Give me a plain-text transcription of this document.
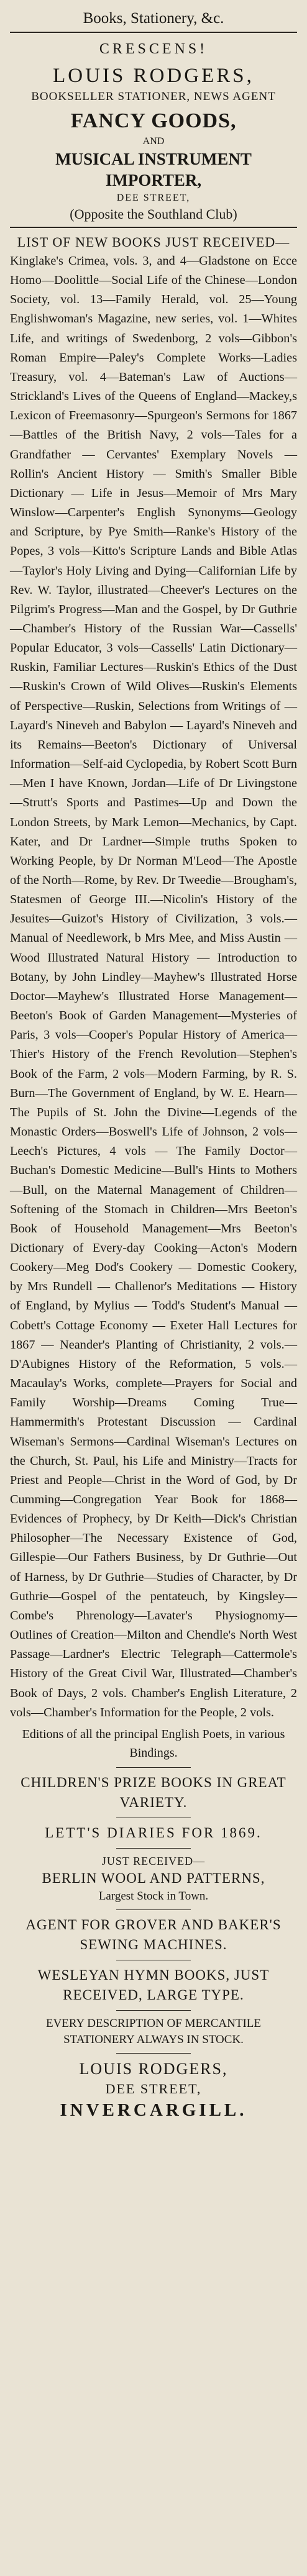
Books, Stationery, &c.
CRESCENS!
LOUIS RODGERS,
BOOKSELLER STATIONER, NEWS AGENT
FANCY GOODS,
AND
MUSICAL INSTRUMENT IMPORTER,
DEE STREET,
(Opposite the Southland Club)
LIST OF NEW BOOKS JUST RECEIVED—

Kinglake's Crimea, vols. 3, and 4—Gladstone on Ecce Homo—Doolittle—Social Life of the Chinese—London Society, vol. 13—Family Herald, vol. 25—Young Englishwoman's Magazine, new series, vol. 1—Whites Life, and writings of Swedenborg, 2 vols—Gibbon's Roman Empire—Paley's Complete Works—Ladies Treasury, vol. 4—Bateman's Law of Auctions—Strickland's Lives of the Queens of England—Mackey,s Lexicon of Freemasonry—Spurgeon's Sermons for 1867—Battles of the British Navy, 2 vols—Tales for a Grandfather — Cervantes' Exemplary Novels — Rollin's Ancient History — Smith's Smaller Bible Dictionary — Life in Jesus—Memoir of Mrs Mary Winslow—Carpenter's English Synonyms—Geology and Scripture, by Pye Smith—Ranke's History of the Popes, 3 vols—Kitto's Scripture Lands and Bible Atlas—Taylor's Holy Living and Dying—Californian Life by Rev. W. Taylor, illustrated—Cheever's Lectures on the Pilgrim's Progress—Man and the Gospel, by Dr Guthrie—Chamber's History of the Russian War—Cassells' Popular Educator, 3 vols—Cassells' Latin Dictionary—Ruskin, Familiar Lectures—Ruskin's Ethics of the Dust—Ruskin's Crown of Wild Olives—Ruskin's Elements of Perspective—Ruskin, Selections from Writings of — Layard's Nineveh and Babylon — Layard's Nineveh and its Remains—Beeton's Dictionary of Universal Information—Self-aid Cyclopedia, by Robert Scott Burn—Men I have Known, Jordan—Life of Dr Livingstone—Strutt's Sports and Pastimes—Up and Down the London Streets, by Mark Lemon—Mechanics, by Capt. Kater, and Dr Lardner—Simple truths Spoken to Working People, by Dr Norman M'Leod—The Apostle of the North—Rome, by Rev. Dr Tweedie—Brougham's, Statesmen of George III.—Nicolin's History of the Jesuites—Guizot's History of Civilization, 3 vols.—Manual of Needlework, b Mrs Mee, and Miss Austin — Wood Illustrated Natural History — Introduction to Botany, by John Lindley—Mayhew's Illustrated Horse Doctor—Mayhew's Illustrated Horse Management—Beeton's Book of Garden Management—Mysteries of Paris, 3 vols—Cooper's Popular History of America—Thier's History of the French Revolution—Stephen's Book of the Farm, 2 vols—Modern Farming, by R. S. Burn—The Government of England, by W. E. Hearn—The Pupils of St. John the Divine—Legends of the Monastic Orders—Boswell's Life of Johnson, 2 vols—Leech's Pictures, 4 vols — The Family Doctor—Buchan's Domestic Medicine—Bull's Hints to Mothers—Bull, on the Maternal Management of Children—Softening of the Stomach in Children—Mrs Beeton's Book of Household Management—Mrs Beeton's Dictionary of Every-day Cooking—Acton's Modern Cookery—Meg Dod's Cookery — Domestic Cookery, by Mrs Rundell — Challenor's Meditations — History of England, by Mylius — Todd's Student's Manual — Cobett's Cottage Economy — Exeter Hall Lectures for 1867 — Neander's Planting of Christianity, 2 vols.—D'Aubignes History of the Reformation, 5 vols.—Macaulay's Works, complete—Prayers for Social and Family Worship—Dreams Coming True—Hammermith's Protestant Discussion — Cardinal Wiseman's Sermons—Cardinal Wiseman's Lectures on the Church, St. Paul, his Life and Ministry—Tracts for Priest and People—Christ in the Word of God, by Dr Cumming—Congregation Year Book for 1868—Evidences of Prophecy, by Dr Keith—Dick's Christian Philosopher—The Necessary Existence of God, Gillespie—Our Fathers Business, by Dr Guthrie—Out of Harness, by Dr Guthrie—Studies of Character, by Dr Guthrie—Gospel of the pentateuch, by Kingsley—Combe's Phrenology—Lavater's Physiognomy—Outlines of Creation—Milton and Chendle's North West Passage—Lardner's Electric Telegraph—Cattermole's History of the Great Civil War, Illustrated—Chamber's Book of Days, 2 vols. Chamber's English Literature, 2 vols—Chamber's Information for the People, 2 vols.

Editions of all the principal English Poets, in various Bindings.

CHILDREN'S PRIZE BOOKS IN GREAT VARIETY.
LETT'S DIARIES FOR 1869.
JUST RECEIVED—
BERLIN WOOL AND PATTERNS,
Largest Stock in Town.
AGENT FOR GROVER AND BAKER'S SEWING MACHINES.
WESLEYAN HYMN BOOKS, JUST RECEIVED, LARGE TYPE.
EVERY DESCRIPTION OF MERCANTILE STATIONERY ALWAYS IN STOCK.
LOUIS RODGERS,
DEE STREET,
INVERCARGILL.
